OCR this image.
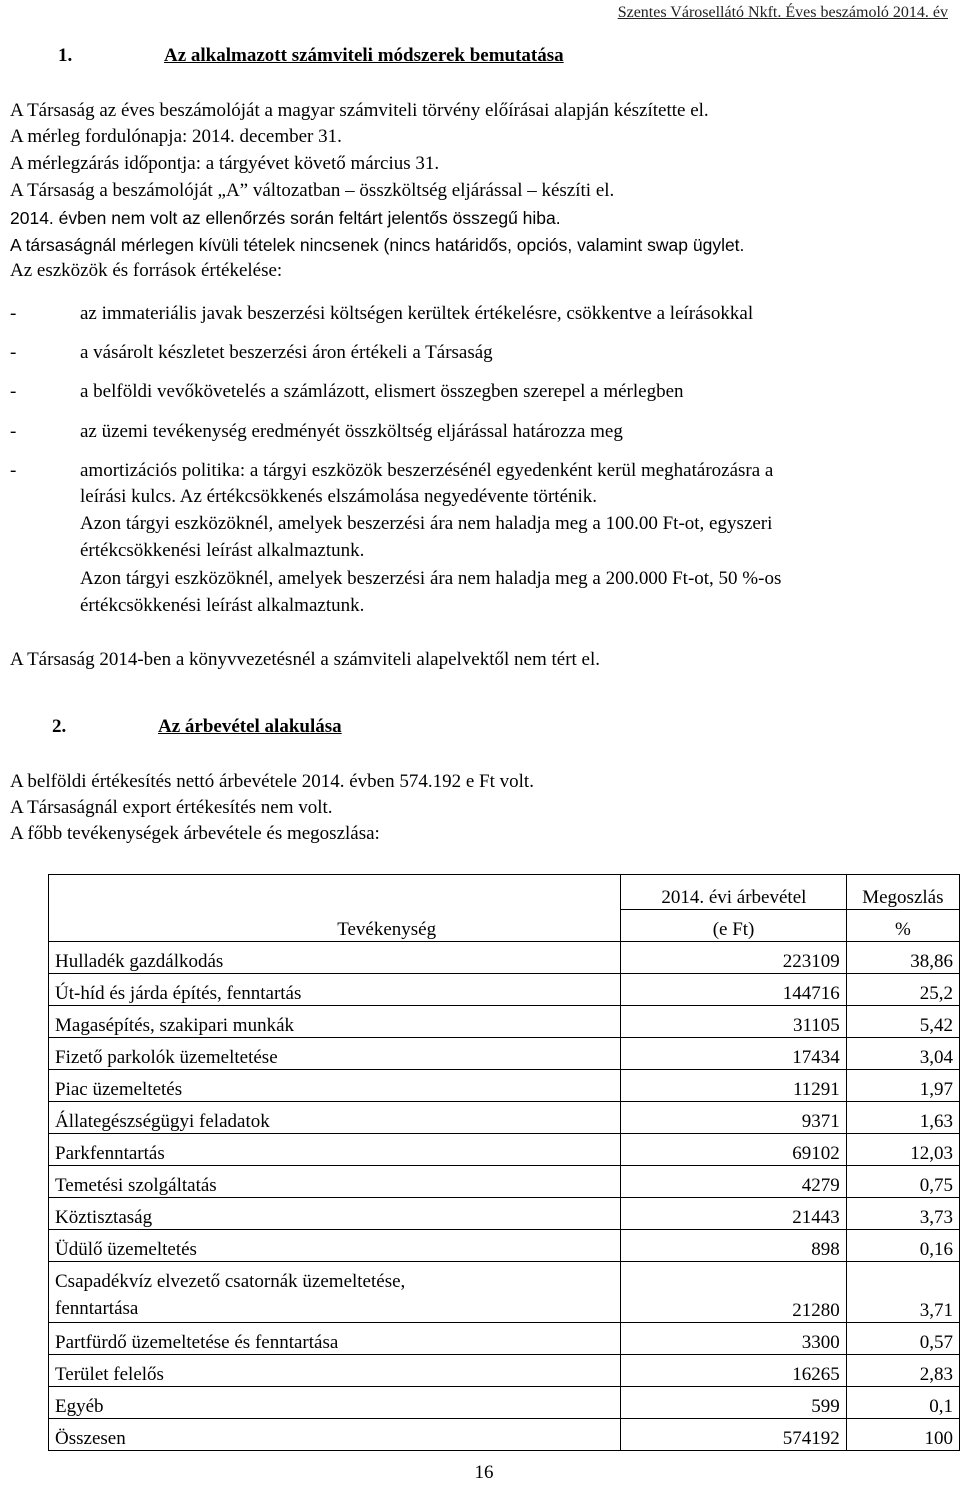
Szentes Városellátó Nkft. Éves beszámoló 2014. év
1.	Az alkalmazott számviteli módszerek bemutatása
A Társaság az éves beszámolóját a magyar számviteli törvény előírásai alapján készítette el.
A mérleg fordulónapja: 2014. december 31.
A mérlegzárás időpontja: a tárgyévet követő március 31.
A Társaság a beszámolóját „A” változatban – összköltség eljárással – készíti el.
2014. évben nem volt az ellenőrzés során feltárt jelentős összegű hiba.
A társaságnál mérlegen kívüli tételek nincsenek (nincs határidős, opciós, valamint swap ügylet.
Az eszközök és források értékelése:
-	az immateriális javak beszerzési költségen kerültek értékelésre, csökkentve a leírásokkal
-	a vásárolt készletet beszerzési áron értékeli a Társaság
-	a belföldi vevőkövetelés a számlázott, elismert összegben szerepel a mérlegben
-	az üzemi tevékenység eredményét összköltség eljárással határozza meg
-	amortizációs politika: a tárgyi eszközök beszerzésénél egyedenként kerül meghatározásra a
leírási kulcs. Az értékcsökkenés elszámolása negyedévente történik.
Azon tárgyi eszközöknél, amelyek beszerzési ára nem haladja meg a 100.00 Ft-ot, egyszeri
értékcsökkenési leírást alkalmaztunk.
Azon tárgyi eszközöknél, amelyek beszerzési ára nem haladja meg a 200.000 Ft-ot, 50 %-os
értékcsökkenési leírást alkalmaztunk.
A Társaság 2014-ben a könyvvezetésnél a számviteli alapelvektől nem tért el.
2.	Az árbevétel alakulása
A belföldi értékesítés nettó árbevétele 2014. évben 574.192 e Ft volt.
A Társaságnál export értékesítés nem volt.
A főbb tevékenységek árbevétele és megoszlása:
	2014. évi árbevétel	Megoszlás
Tevékenység	(e Ft)	%
Hulladék gazdálkodás	223109	38,86
Út-híd és járda építés, fenntartás	144716	25,2
Magasépítés, szakipari munkák	31105	5,42
Fizető parkolók üzemeltetése	17434	3,04
Piac üzemeltetés	11291	1,97
Állategészségügyi feladatok	9371	1,63
Parkfenntartás	69102	12,03
Temetési szolgáltatás	4279	0,75
Köztisztaság	21443	3,73
Üdülő üzemeltetés	898	0,16
Csapadékvíz elvezető csatornák üzemeltetése,
fenntartása	21280	3,71
Partfürdő üzemeltetése és fenntartása	3300	0,57
Terület felelős	16265	2,83
Egyéb	599	0,1
Összesen	574192	100
16
